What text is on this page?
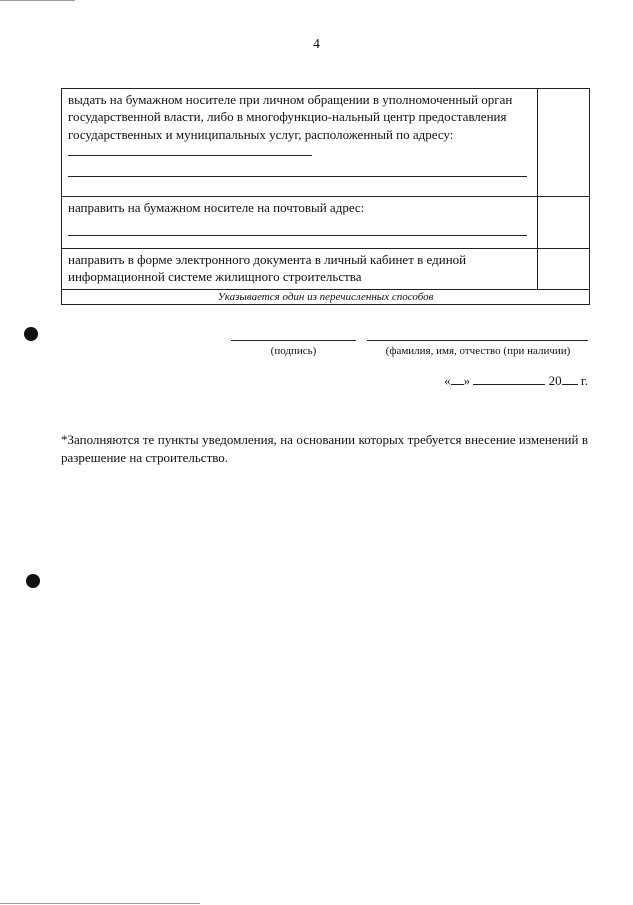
4
выдать на бумажном носителе при личном обращении в уполномоченный орган государственной власти, либо в многофункцио-нальный центр предоставления государственных и муниципальных услуг, расположенный по адресу:
направить на бумажном носителе на почтовый адрес:
направить в форме электронного документа в личный кабинет в единой информационной системе жилищного строительства
Указывается один из перечисленных способов
(подпись)	(фамилия, имя, отчество (при наличии)
« »	20 г.
*Заполняются те пункты уведомления, на основании которых требуется внесение изменений в разрешение на строительство.
